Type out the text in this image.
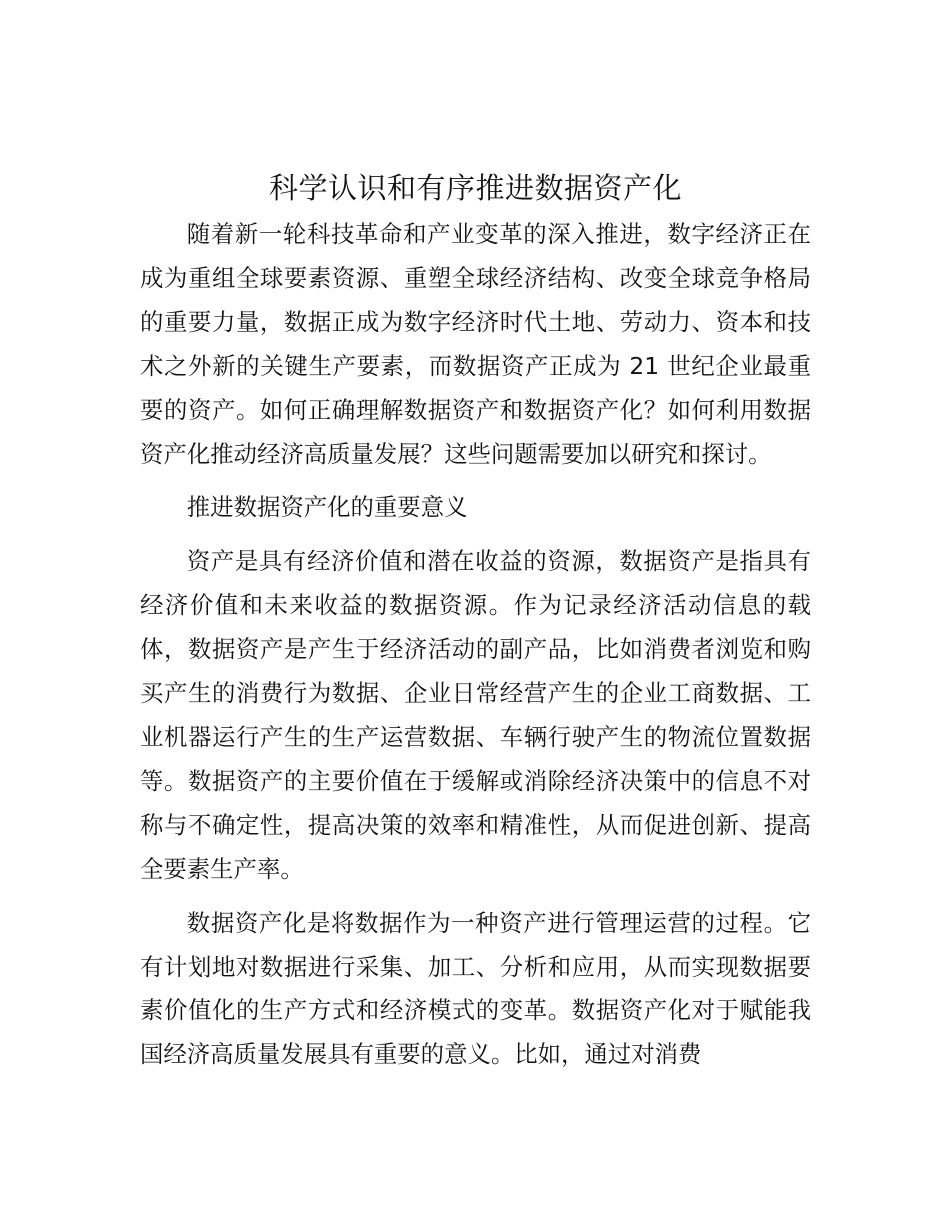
科学认识和有序推进数据资产化

随着新一轮科技革命和产业变革的深入推进，数字经济正在成为重组全球要素资源、重塑全球经济结构、改变全球竞争格局的重要力量，数据正成为数字经济时代土地、劳动力、资本和技术之外新的关键生产要素，而数据资产正成为 21 世纪企业最重要的资产。如何正确理解数据资产和数据资产化？如何利用数据资产化推动经济高质量发展？这些问题需要加以研究和探讨。

推进数据资产化的重要意义

资产是具有经济价值和潜在收益的资源，数据资产是指具有经济价值和未来收益的数据资源。作为记录经济活动信息的载体，数据资产是产生于经济活动的副产品，比如消费者浏览和购买产生的消费行为数据、企业日常经营产生的企业工商数据、工业机器运行产生的生产运营数据、车辆行驶产生的物流位置数据等。数据资产的主要价值在于缓解或消除经济决策中的信息不对称与不确定性，提高决策的效率和精准性，从而促进创新、提高全要素生产率。

数据资产化是将数据作为一种资产进行管理运营的过程。它有计划地对数据进行采集、加工、分析和应用，从而实现数据要素价值化的生产方式和经济模式的变革。数据资产化对于赋能我国经济高质量发展具有重要的意义。比如，通过对消费
